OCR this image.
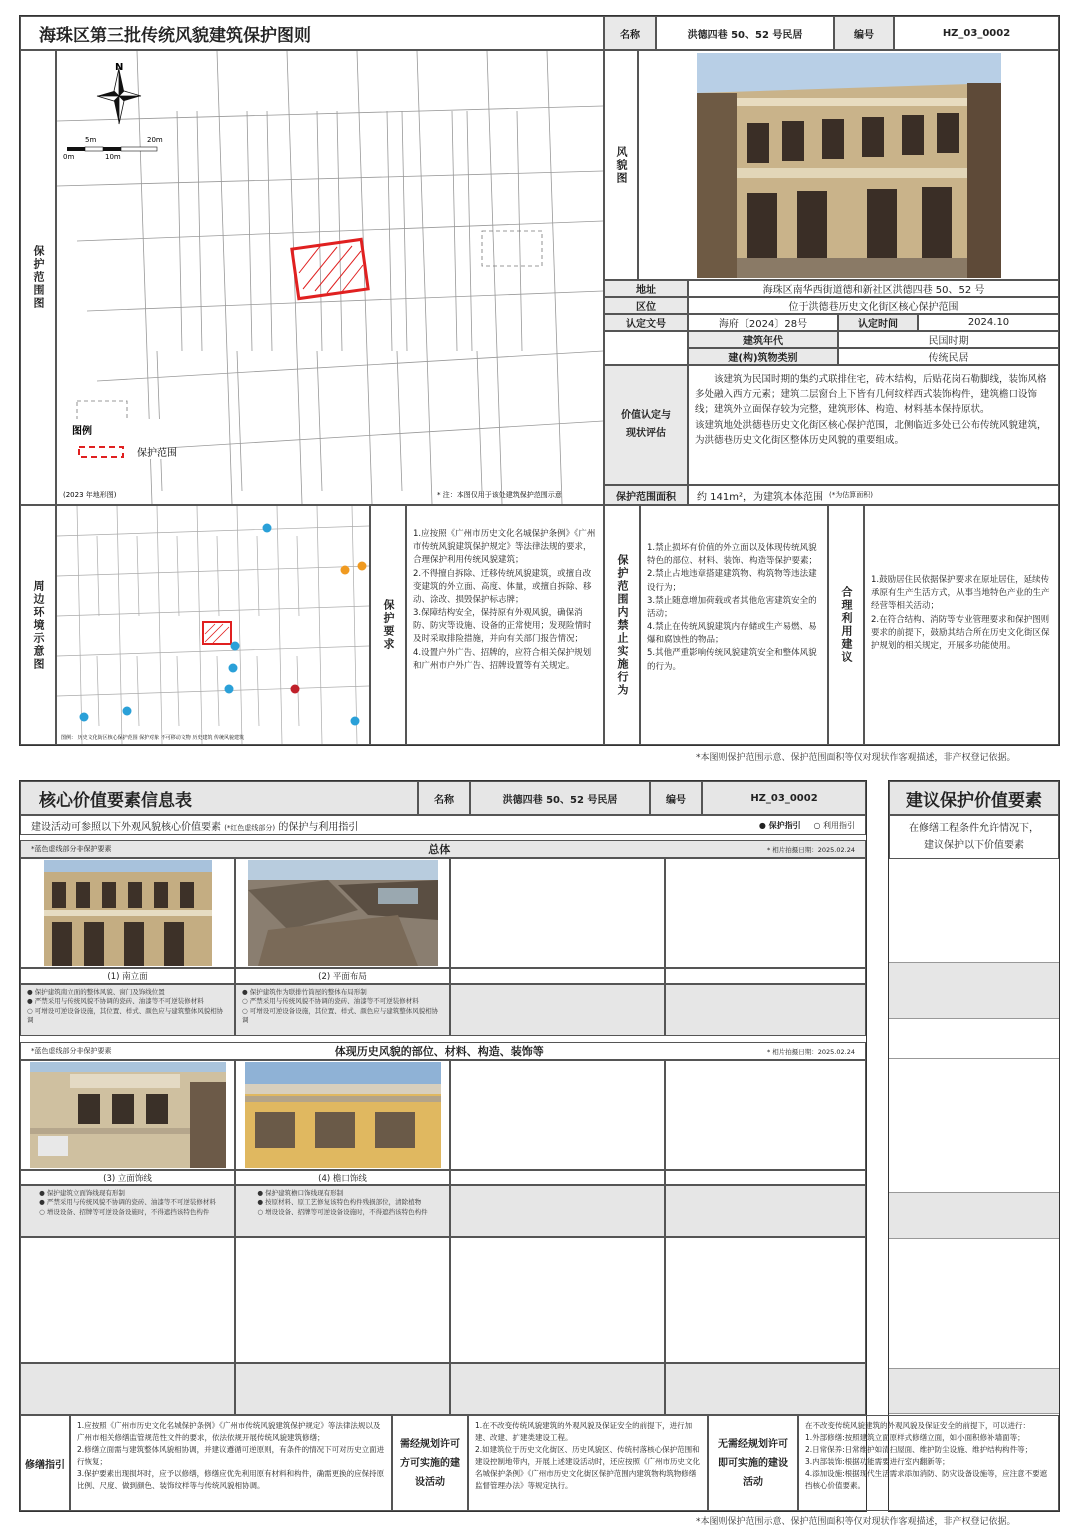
海珠区第三批传统风貌建筑保护图则	名称	洪德四巷 50、52 号民居	编号	HZ_03_0002
保护范围图
N
5m	20m
0m	10m
图例
保护范围
(2023 年地形图)	* 注：本图仅用于该处建筑保护范围示意
风貌图
地址	海珠区南华西街道德和新社区洪德四巷 50、52 号
区位	位于洪德巷历史文化街区核心保护范围
认定文号	海府〔2024〕28号	认定时间	2024.10
建筑年代	民国时期
建(构)筑物类别	传统民居
价值认定与现状评估
该建筑为民国时期的集约式联排住宅，砖木结构，后贴花岗石勒脚线，装饰风格多处融入西方元素；建筑二层窗台上下皆有几何纹样西式装饰构件，建筑檐口设饰线；建筑外立面保存较为完整，建筑形体、构造、材料基本保持原状。
该建筑地处洪德巷历史文化街区核心保护范围，北侧临近多处已公布传统风貌建筑，为洪德巷历史文化街区整体历史风貌的重要组成。
保护范围面积 约 141m²，为建筑本体范围 (*为估算面积)
周边环境示意图
图例： 历史文化街区核心保护范围 保护对象 不可移动文物 历史建筑 传统风貌建筑
保护要求
1.应按照《广州市历史文化名城保护条例》《广州市传统风貌建筑保护规定》等法律法规的要求，合理保护利用传统风貌建筑；
2.不得擅自拆除、迁移传统风貌建筑，或擅自改变建筑的外立面、高度、体量，或擅自拆除、移动、涂改、损毁保护标志牌；
3.保障结构安全，保持原有外观风貌，确保消防、防灾等设施、设备的正常使用；发现险情时及时采取排险措施，并向有关部门报告情况；
4.设置户外广告、招牌的，应符合相关保护规划和广州市户外广告、招牌设置等有关规定。	保护范围内禁止实施行为
1.禁止损坏有价值的外立面以及体现传统风貌特色的部位、材料、装饰、构造等保护要素；
2.禁止占地违章搭建建筑物、构筑物等违法建设行为；
3.禁止随意增加荷载或者其他危害建筑安全的活动；
4.禁止在传统风貌建筑内存储或生产易燃、易爆和腐蚀性的物品；
5.其他严重影响传统风貌建筑安全和整体风貌的行为。
合理利用建议
1.鼓励居住民依据保护要求在原址居住，延续传承原有生产生活方式，从事当地特色产业的生产经营等相关活动；
2.在符合结构、消防等专业管理要求和保护图则要求的前提下，鼓励其结合所在历史文化街区保护规划的相关规定，开展多功能使用。
*本图则保护范围示意、保护范围面积等仅对现状作客观描述，非产权登记依据。
核心价值要素信息表	名称	洪德四巷 50、52 号民居	编号	HZ_03_0002	建议保护价值要素
在修缮工程条件允许情况下，
建议保护以下价值要素
建设活动可参照以下外观风貌核心价值要素 (*红色虚线部分) 的保护与利用指引	● 保护指引 ○ 利用指引
*蓝色虚线部分非保护要素	总体	* 相片拍摄日期：2025.02.24
(1) 南立面	(2) 平面布局
● 保护建筑南立面的整体风貌、窗门及饰线位置
● 严禁采用与传统风貌不协调的瓷砖、油漆等不可逆装修材料
○ 可增设可逆设备设施，其位置、样式、颜色应与建筑整体风貌相协调
● 保护建筑作为联排竹筒屋的整体布局形制
○ 严禁采用与传统风貌不协调的瓷砖、油漆等不可逆装修材料
○ 可增设可逆设备设施，其位置、样式、颜色应与建筑整体风貌相协调
*蓝色虚线部分非保护要素	体现历史风貌的部位、材料、构造、装饰等	* 相片拍摄日期：2025.02.24
(3) 立面饰线	(4) 檐口饰线
● 保护建筑立面饰线现有形制
● 严禁采用与传统风貌不协调的瓷砖、油漆等不可逆装修材料
○ 增设设备、招牌等可逆设备设施时，不得遮挡该特色构件
● 保护建筑檐口饰线现有形制
● 按原材料、原工艺修复该特色构件残损部位，清除植物
○ 增设设备、招牌等可逆设备设施时，不得遮挡该特色构件
修缮指引
1.应按照《广州市历史文化名城保护条例》《广州市传统风貌建筑保护规定》等法律法规以及广州市相关修缮监管规范性文件的要求，依法依规开展传统风貌建筑修缮；
2.修缮立面需与建筑整体风貌相协调，并建议遵循可逆原则，有条件的情况下可对历史立面进行恢复；
3.保护要素出现损坏时，应予以修缮，修缮应优先利用原有材料和构件，确需更换的应保持原比例、尺度、做到颜色、装饰纹样等与传统风貌相协调。
需经规划许可方可实施的建设活动
1.在不改变传统风貌建筑的外观风貌及保证安全的前提下，进行加建、改建、扩建类建设工程。
2.如建筑位于历史文化街区、历史风貌区、传统村落核心保护范围和建设控制地带内，开展上述建设活动时，还应按照《广州市历史文化名城保护条例》《广州市历史文化街区保护范围内建筑物构筑物修缮监督管理办法》等规定执行。
无需经规划许可即可实施的建设活动
在不改变传统风貌建筑的外观风貌及保证安全的前提下，可以进行：
1.外部修缮:按照建筑立面原样式修缮立面，如小面积修补墙面等；
2.日常保养:日常维护如清扫屋面、维护防尘设施、维护结构构件等；
3.内部装饰:根据功能需要进行室内翻新等；
4.添加设施:根据现代生活需求添加消防、防灾设备设施等，应注意不要遮挡核心价值要素。
*本图则保护范围示意、保护范围面积等仅对现状作客观描述，非产权登记依据。
